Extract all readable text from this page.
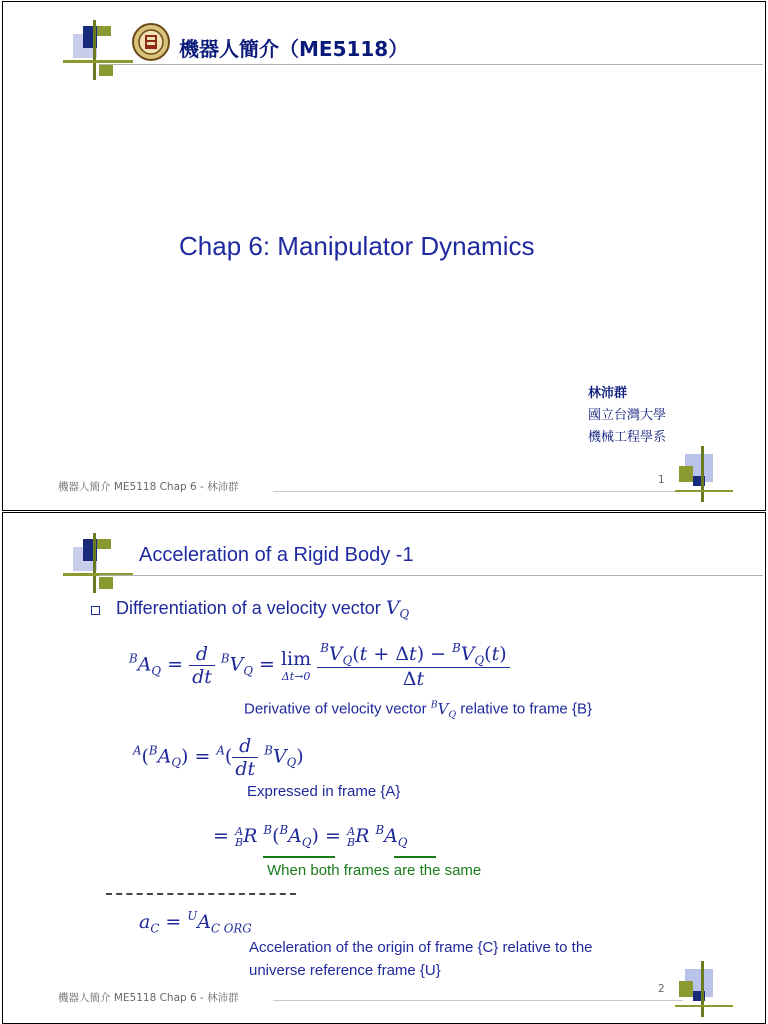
機器人簡介（ME5118）
Chap 6: Manipulator Dynamics
林沛群
國立台灣大學
機械工程學系
機器人簡介 ME5118 Chap 6 - 林沛群
1
Acceleration of a Rigid Body -1
Differentiation of a velocity vector $V_Q$
$^BA_Q = \frac{d}{dt} ^BV_Q = \lim$
Δt→0
$\frac{^BV_Q(t + \Delta t) - ^BV_Q(t)}{\Delta t}$
Derivative of velocity vector $^BV_Q$ relative to frame {B}
$^A(^BA_Q) = ^A( \frac{d}{dt} ^BV_Q)$
Expressed in frame {A}
= A
B R $^B(^BA_Q) = A$
B R $^BA_Q$
When both frames are the same
$a_C = ^UA_{C ORG}$
Acceleration of the origin of frame {C} relative to the
universe reference frame {U}
機器人簡介 ME5118 Chap 6 - 林沛群
2
